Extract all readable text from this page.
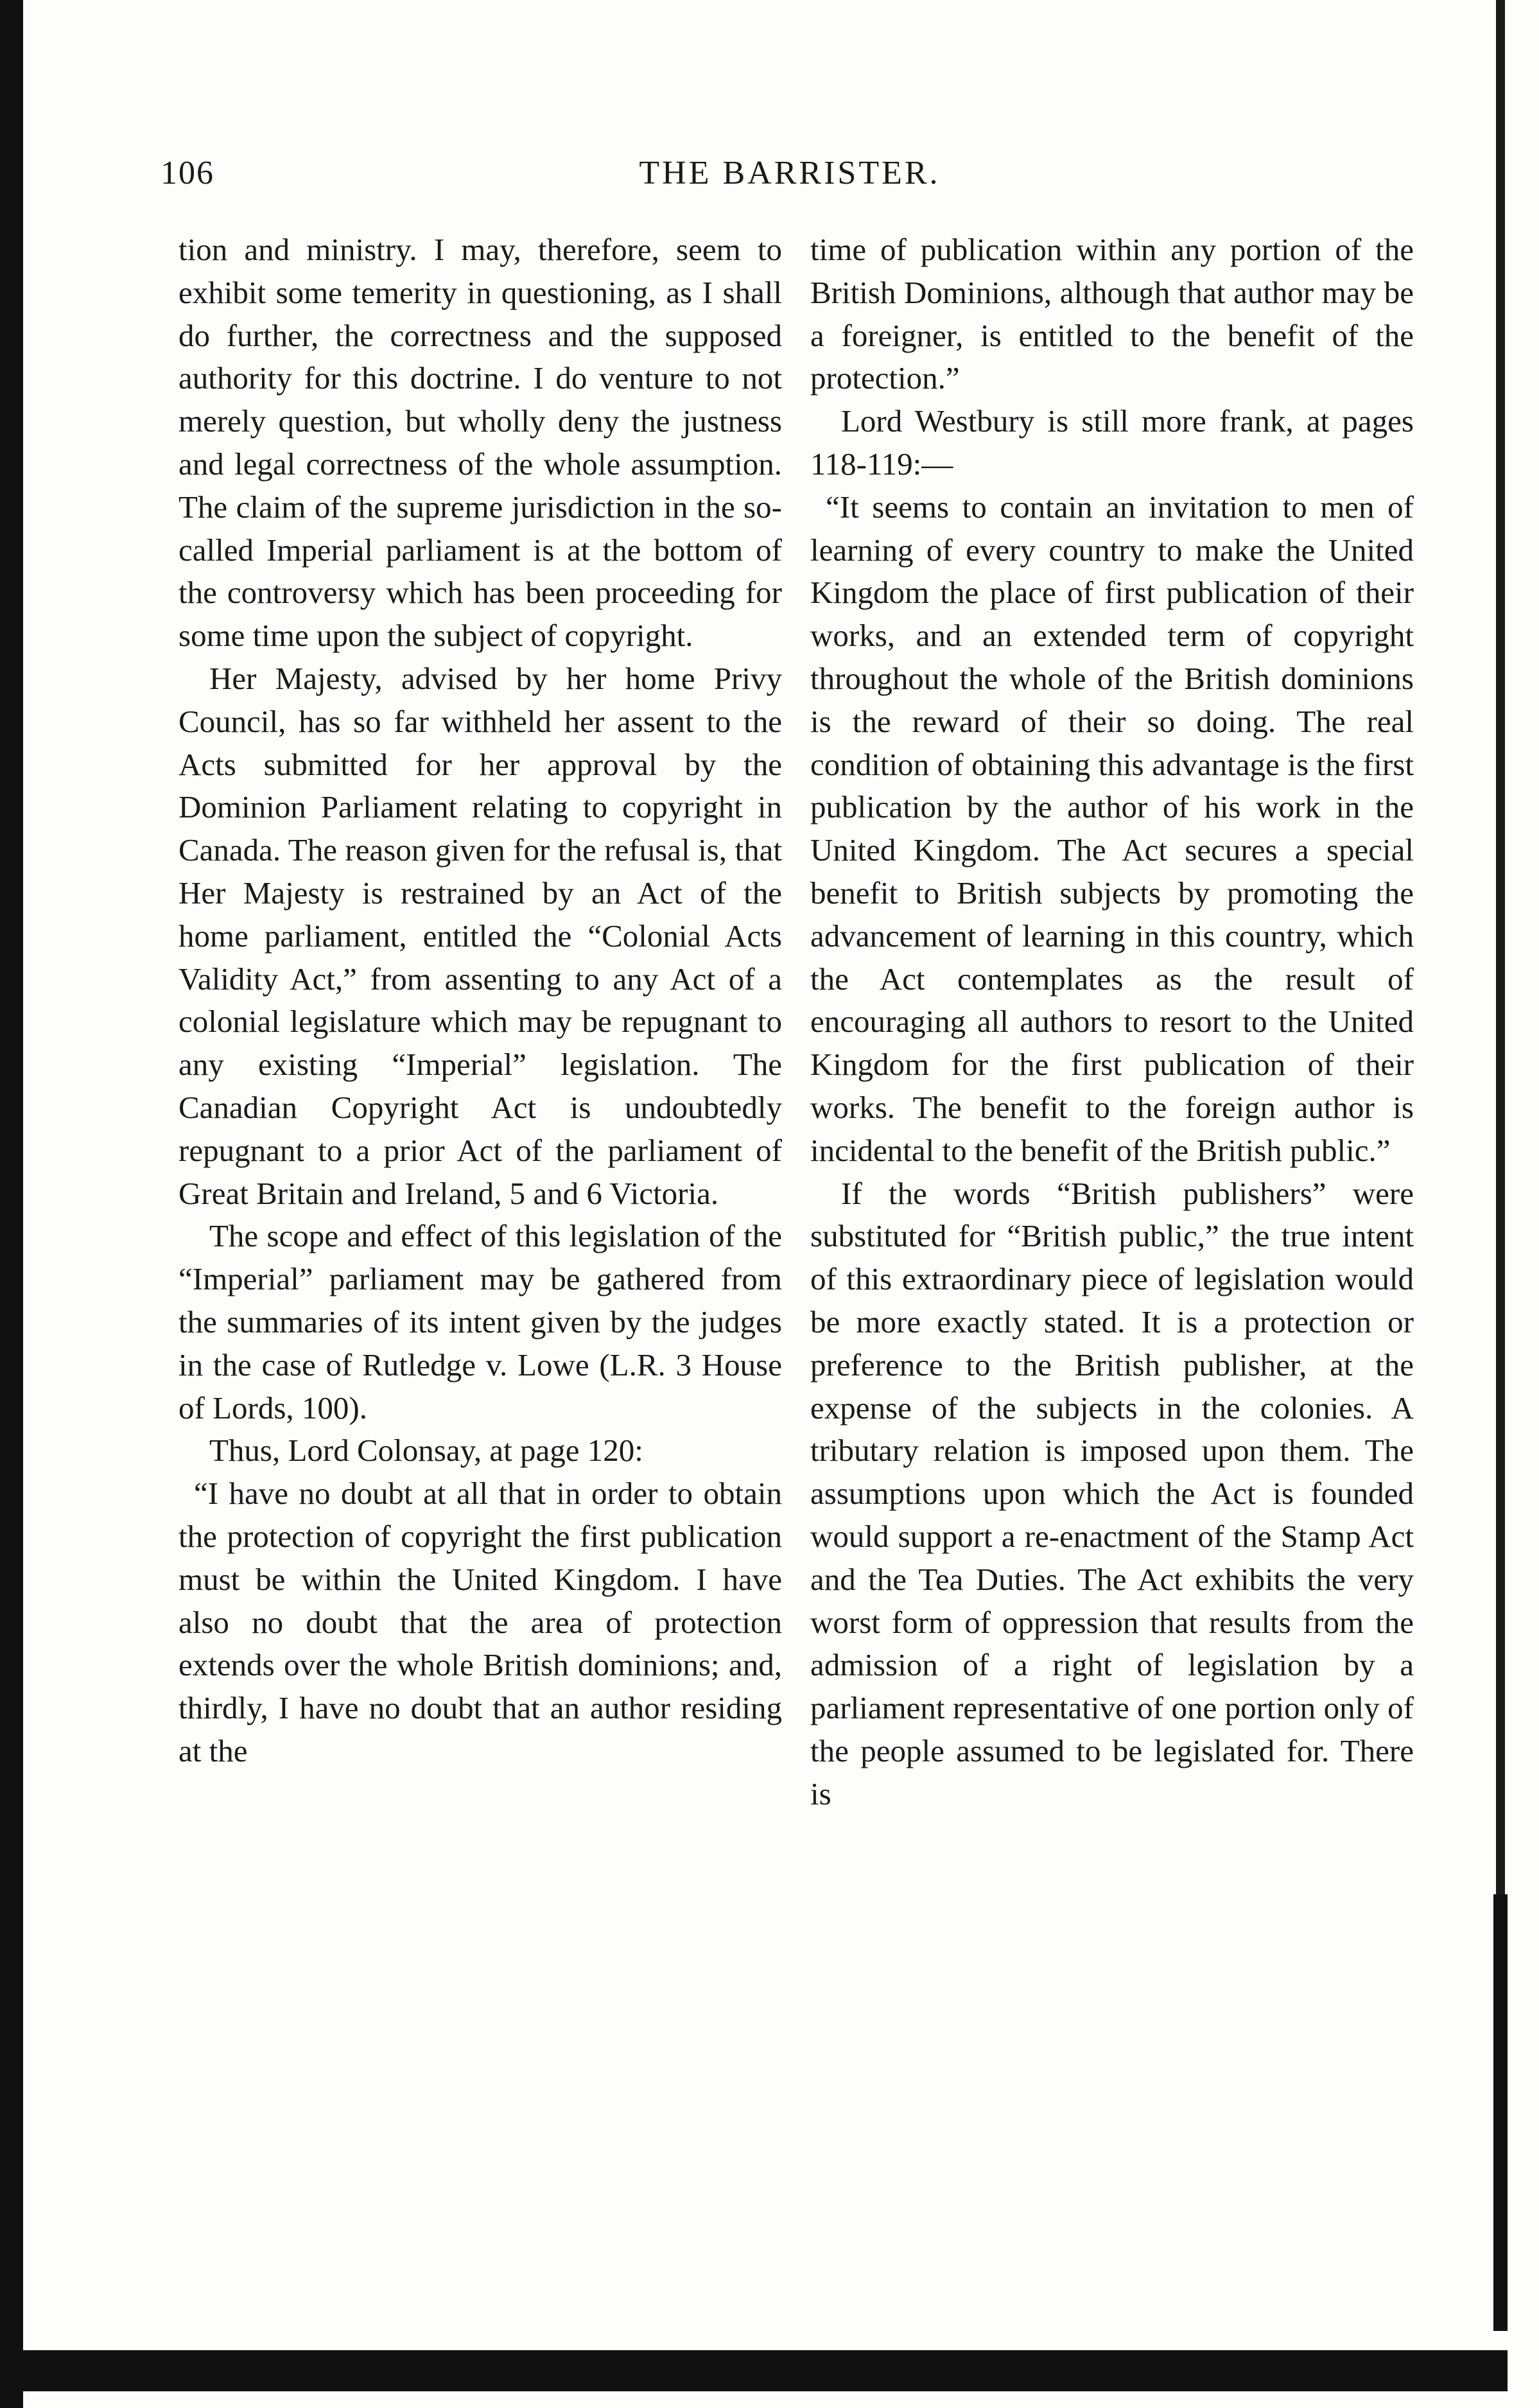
106	THE BARRISTER.

tion and ministry. I may, therefore, seem to exhibit some temerity in questioning, as I shall do further, the correctness and the supposed authority for this doctrine. I do venture to not merely question, but wholly deny the justness and legal correctness of the whole assumption. The claim of the supreme jurisdiction in the so-called Imperial parliament is at the bottom of the controversy which has been proceeding for some time upon the subject of copyright.

Her Majesty, advised by her home Privy Council, has so far withheld her assent to the Acts submitted for her approval by the Dominion Parliament relating to copyright in Canada. The reason given for the refusal is, that Her Majesty is restrained by an Act of the home parliament, entitled the “Colonial Acts Validity Act,” from assenting to any Act of a colonial legislature which may be repugnant to any existing “Imperial” legislation. The Canadian Copyright Act is undoubtedly repugnant to a prior Act of the parliament of Great Britain and Ireland, 5 and 6 Victoria.

The scope and effect of this legislation of the “Imperial” parliament may be gathered from the summaries of its intent given by the judges in the case of Rutledge v. Lowe (L.R. 3 House of Lords, 100).

Thus, Lord Colonsay, at page 120:

“I have no doubt at all that in order to obtain the protection of copyright the first publication must be within the United Kingdom. I have also no doubt that the area of protection extends over the whole British dominions; and, thirdly, I have no doubt that an author residing at the

time of publication within any portion of the British Dominions, although that author may be a foreigner, is entitled to the benefit of the protection.”

Lord Westbury is still more frank, at pages 118-119:—

“It seems to contain an invitation to men of learning of every country to make the United Kingdom the place of first publication of their works, and an extended term of copyright throughout the whole of the British dominions is the reward of their so doing. The real condition of obtaining this advantage is the first publication by the author of his work in the United Kingdom. The Act secures a special benefit to British subjects by promoting the advancement of learning in this country, which the Act contemplates as the result of encouraging all authors to resort to the United Kingdom for the first publication of their works. The benefit to the foreign author is incidental to the benefit of the British public.”

If the words “British publishers” were substituted for “British public,” the true intent of this extraordinary piece of legislation would be more exactly stated. It is a protection or preference to the British publisher, at the expense of the subjects in the colonies. A tributary relation is imposed upon them. The assumptions upon which the Act is founded would support a re-enactment of the Stamp Act and the Tea Duties. The Act exhibits the very worst form of oppression that results from the admission of a right of legislation by a parliament representative of one portion only of the people assumed to be legislated for. There is
